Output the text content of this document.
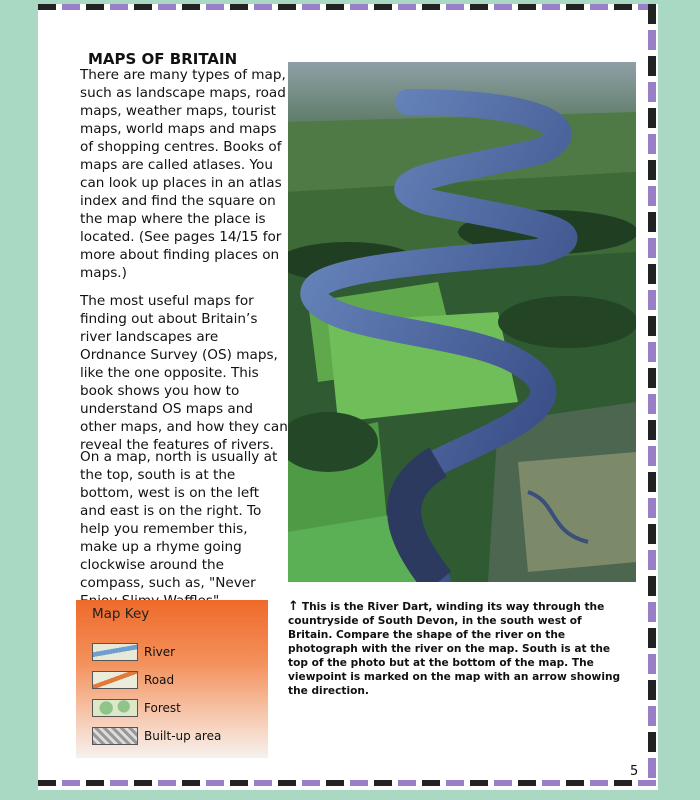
MAPS OF BRITAIN

There are many types of map, such as landscape maps, road maps, weather maps, tourist maps, world maps and maps of shopping centres. Books of maps are called atlases. You can look up places in an atlas index and find the square on the map where the place is located. (See pages 14/15 for more about finding places on maps.)

The most useful maps for finding out about Britain’s river landscapes are Ordnance Survey (OS) maps, like the one opposite. This book shows you how to understand OS maps and other maps, and how they can reveal the features of rivers.

On a map, north is usually at the top, south is at the bottom, west is on the left and east is on the right. To help you remember this, make up a rhyme going clockwise around the compass, such as, "Never

↑ This is the River Dart, winding its way through the countryside of South Devon, in the south west of Britain. Compare the shape of the river on the photograph with the river on the map. South is at the top of the photo but at the bottom of the map. The viewpoint is marked on the map with an arrow showing the direction.

Map Key
River
Road
Forest
Built-up area
5
